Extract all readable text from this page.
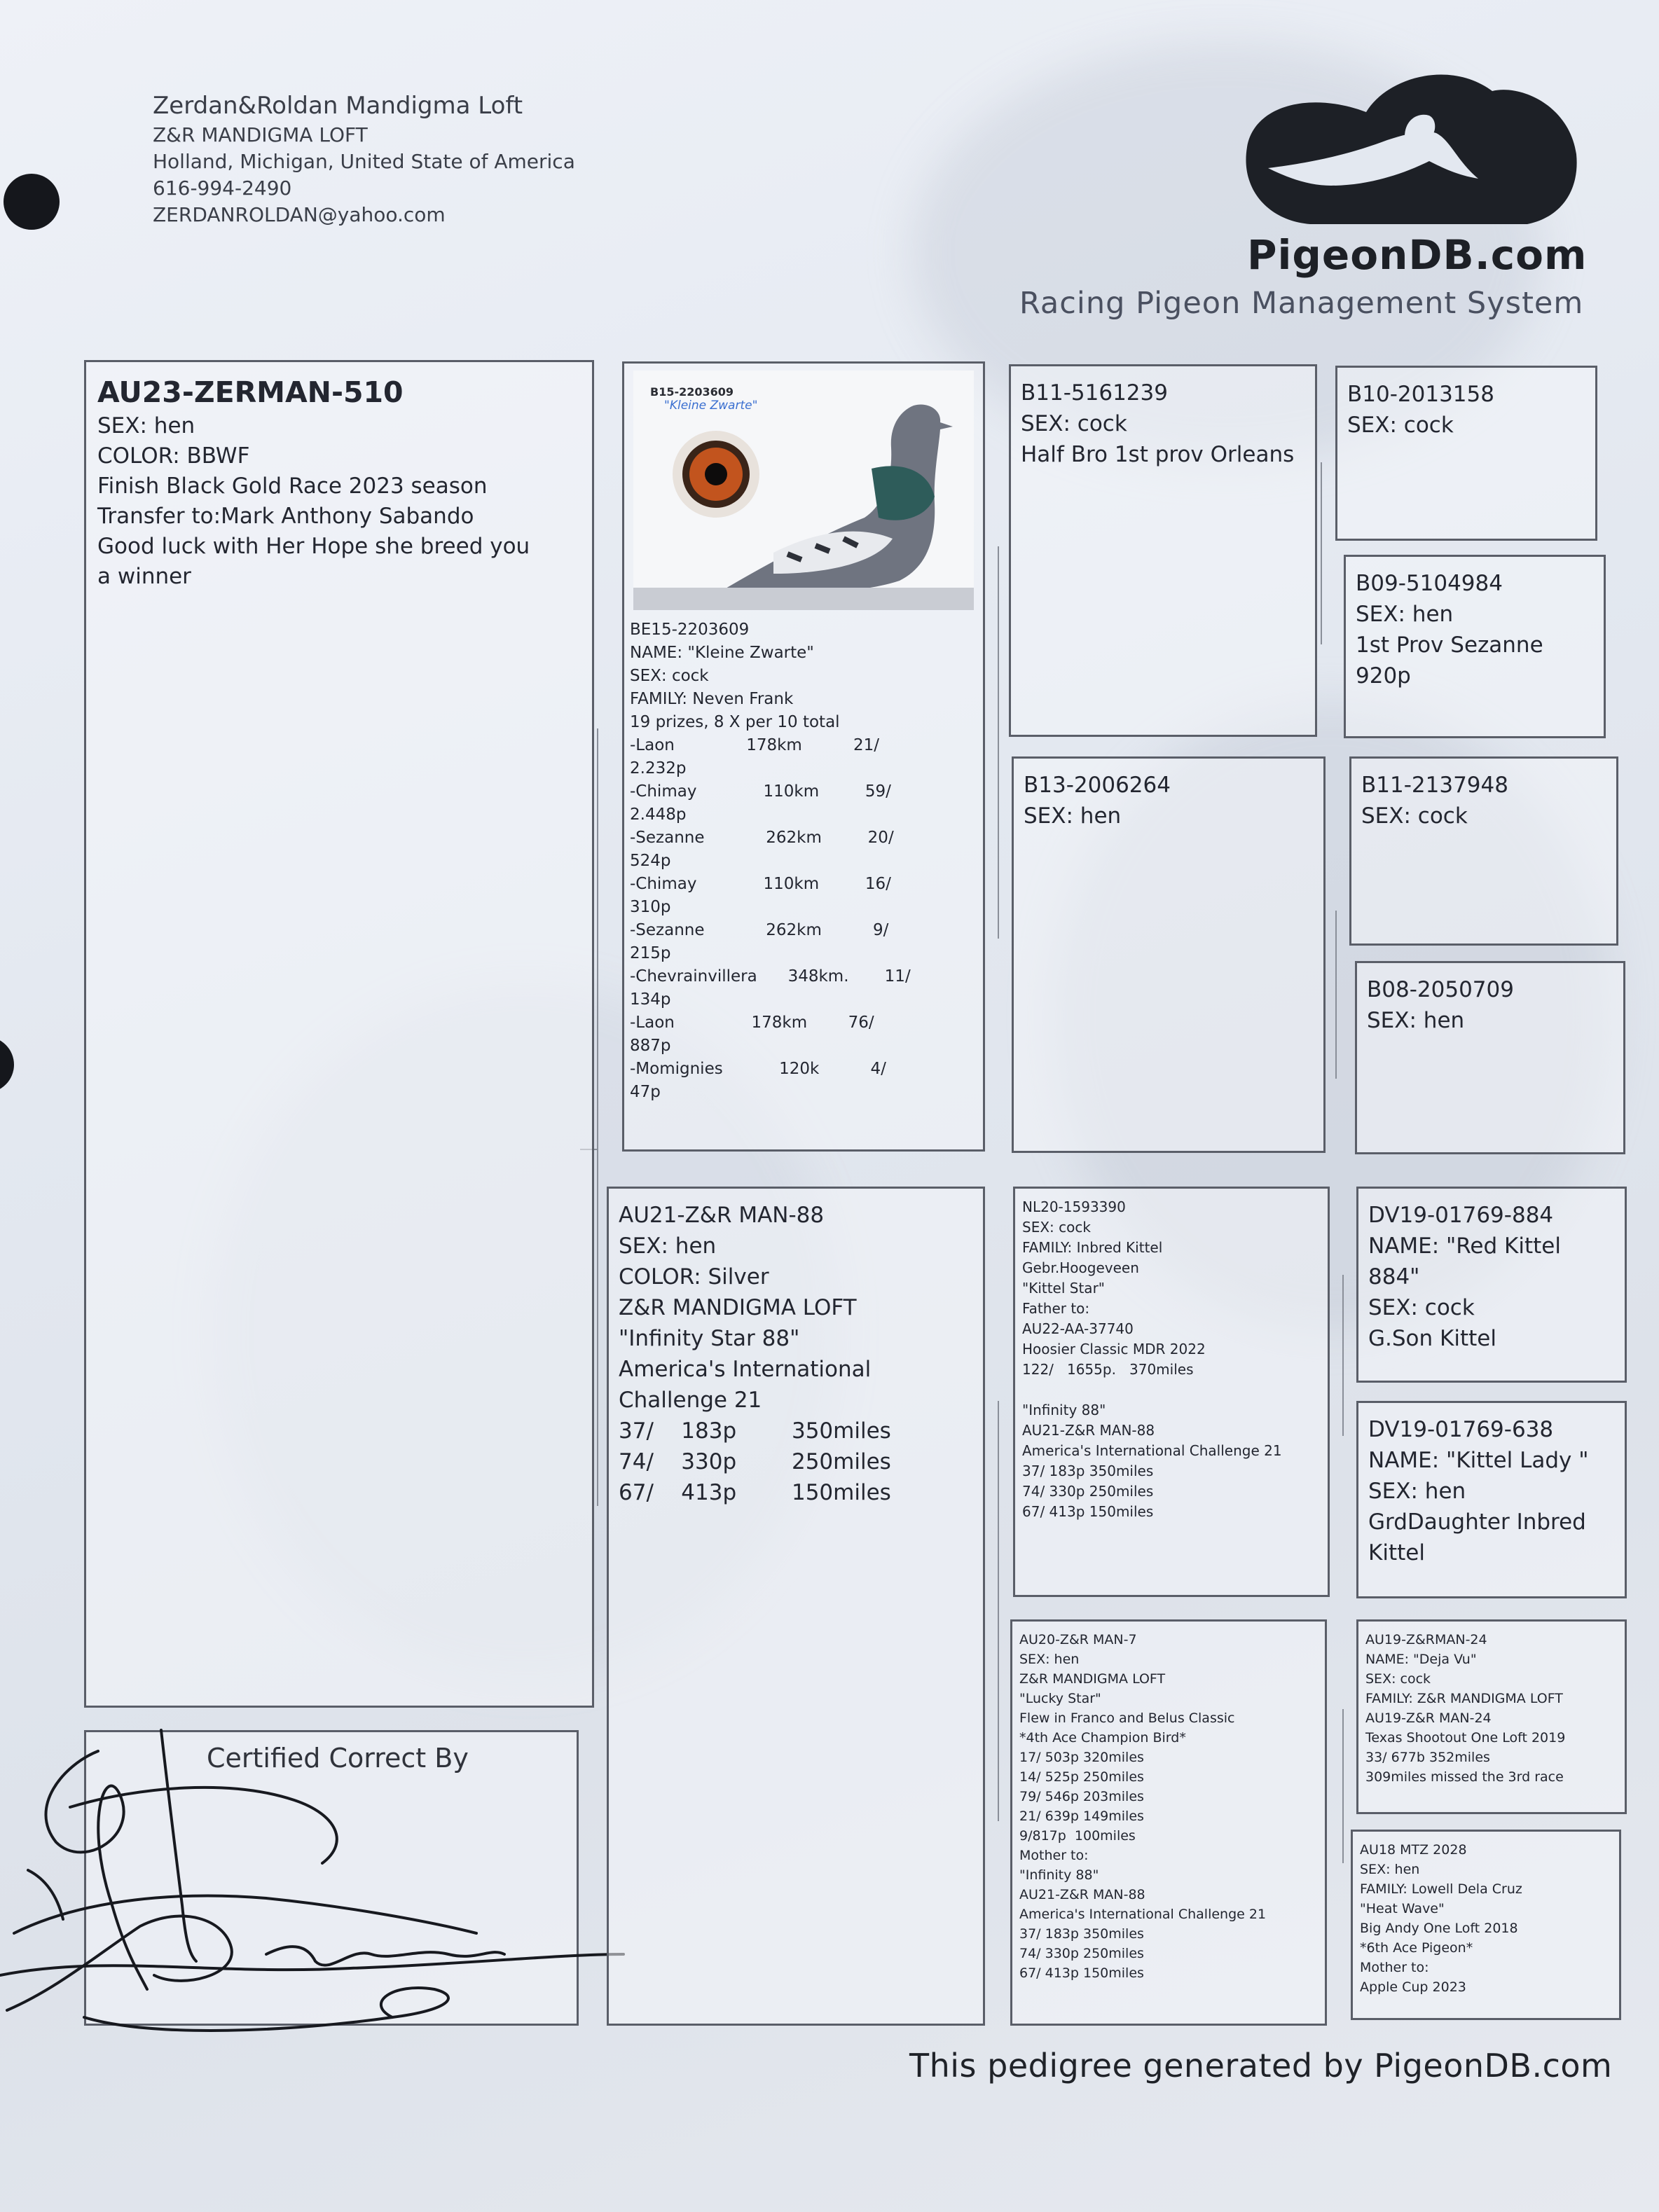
Zerdan&Roldan Mandigma Loft
Z&R MANDIGMA LOFT
Holland, Michigan, United State of America
616-994-2490
ZERDANROLDAN@yahoo.com
PigeonDB.com
Racing Pigeon Management System
AU23-ZERMAN-510
SEX: hen
COLOR: BBWF
Finish Black Gold Race 2023 season
Transfer to:Mark Anthony Sabando
Good luck with Her Hope she breed you
a winner
Certified Correct By
B15-2203609
"Kleine Zwarte"
BE15-2203609
NAME: "Kleine Zwarte"
SEX: cock
FAMILY: Neven Frank
19 prizes, 8 X per 10 total
-Laon              178km          21/
2.232p
-Chimay             110km         59/
2.448p
-Sezanne            262km         20/
524p
-Chimay             110km         16/
310p
-Sezanne            262km          9/
215p
-Chevrainvillera      348km.       11/
134p
-Laon               178km        76/
887p
-Momignies           120k          4/
47p
AU21-Z&R MAN-88
SEX: hen
COLOR: Silver
Z&R MANDIGMA LOFT
"Infinity Star 88"
America's International
Challenge 21
37/    183p        350miles
74/    330p        250miles
67/    413p        150miles
B11-5161239
SEX: cock
Half Bro 1st prov Orleans
B13-2006264
SEX: hen
NL20-1593390
SEX: cock
FAMILY: Inbred Kittel
Gebr.Hoogeveen
"Kittel Star"
Father to:
AU22-AA-37740
Hoosier Classic MDR 2022
122/   1655p.   370miles
"Infinity 88"
AU21-Z&R MAN-88
America's International Challenge 21
37/ 183p 350miles
74/ 330p 250miles
67/ 413p 150miles
AU20-Z&R MAN-7
SEX: hen
Z&R MANDIGMA LOFT
"Lucky Star"
Flew in Franco and Belus Classic
*4th Ace Champion Bird*
17/ 503p 320miles
14/ 525p 250miles
79/ 546p 203miles
21/ 639p 149miles
9/817p  100miles
Mother to:
"Infinity 88"
AU21-Z&R MAN-88
America's International Challenge 21
37/ 183p 350miles
74/ 330p 250miles
67/ 413p 150miles
B10-2013158
SEX: cock
B09-5104984
SEX: hen
1st Prov Sezanne
920p
B11-2137948
SEX: cock
B08-2050709
SEX: hen
DV19-01769-884
NAME: "Red Kittel
884"
SEX: cock
G.Son Kittel
DV19-01769-638
NAME: "Kittel Lady "
SEX: hen
GrdDaughter Inbred
Kittel
AU19-Z&RMAN-24
NAME: "Deja Vu"
SEX: cock
FAMILY: Z&R MANDIGMA LOFT
AU19-Z&R MAN-24
Texas Shootout One Loft 2019
33/ 677b 352miles
309miles missed the 3rd race
AU18 MTZ 2028
SEX: hen
FAMILY: Lowell Dela Cruz
"Heat Wave"
Big Andy One Loft 2018
*6th Ace Pigeon*
Mother to:
Apple Cup 2023
This pedigree generated by PigeonDB.com
